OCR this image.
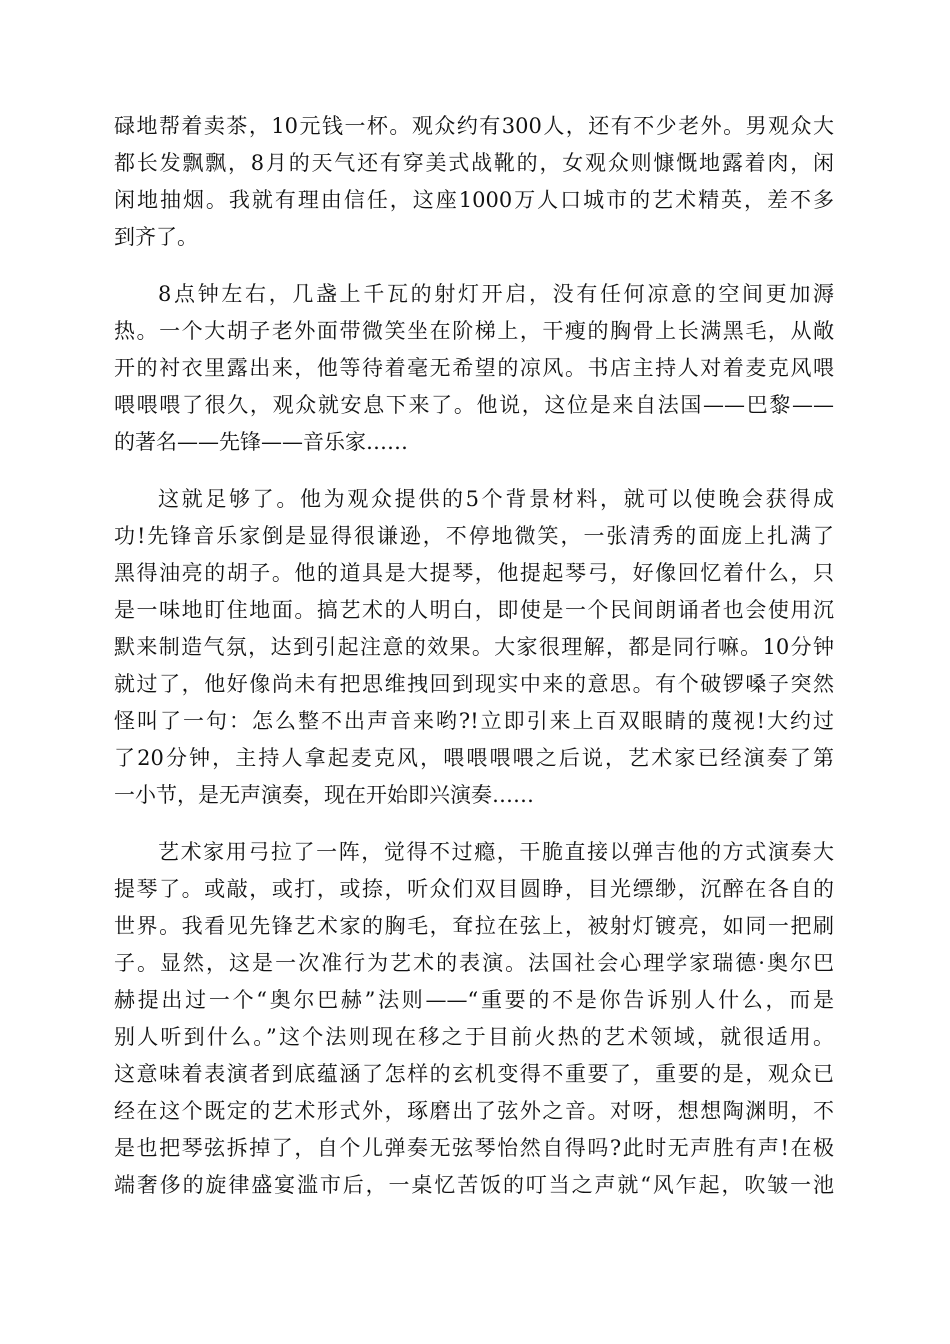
碌地帮着卖茶，10元钱一杯。观众约有300人，还有不少老外。男观众大
都长发飘飘，8月的天气还有穿美式战靴的，女观众则慷慨地露着肉，闲
闲地抽烟。我就有理由信任，这座1000万人口城市的艺术精英，差不多
到齐了。
8点钟左右，几盏上千瓦的射灯开启，没有任何凉意的空间更加溽
热。一个大胡子老外面带微笑坐在阶梯上，干瘦的胸骨上长满黑毛，从敞
开的衬衣里露出来，他等待着毫无希望的凉风。书店主持人对着麦克风喂
喂喂喂了很久，观众就安息下来了。他说，这位是来自法国——巴黎——
的著名——先锋——音乐家……
这就足够了。他为观众提供的5个背景材料，就可以使晚会获得成
功!先锋音乐家倒是显得很谦逊，不停地微笑，一张清秀的面庞上扎满了
黑得油亮的胡子。他的道具是大提琴，他提起琴弓，好像回忆着什么，只
是一味地盯住地面。搞艺术的人明白，即使是一个民间朗诵者也会使用沉
默来制造气氛，达到引起注意的效果。大家很理解，都是同行嘛。10分钟
就过了，他好像尚未有把思维拽回到现实中来的意思。有个破锣嗓子突然
怪叫了一句：怎么整不出声音来哟?!立即引来上百双眼睛的蔑视!大约过
了20分钟，主持人拿起麦克风，喂喂喂喂之后说，艺术家已经演奏了第
一小节，是无声演奏，现在开始即兴演奏……
艺术家用弓拉了一阵，觉得不过瘾，干脆直接以弹吉他的方式演奏大
提琴了。或敲，或打，或捺，听众们双目圆睁，目光缥缈，沉醉在各自的
世界。我看见先锋艺术家的胸毛，耷拉在弦上，被射灯镀亮，如同一把刷
子。显然，这是一次准行为艺术的表演。法国社会心理学家瑞德·奥尔巴
赫提出过一个“奥尔巴赫”法则——“重要的不是你告诉别人什么，而是
别人听到什么。”这个法则现在移之于目前火热的艺术领域，就很适用。
这意味着表演者到底蕴涵了怎样的玄机变得不重要了，重要的是，观众已
经在这个既定的艺术形式外，琢磨出了弦外之音。对呀，想想陶渊明，不
是也把琴弦拆掉了，自个儿弹奏无弦琴怡然自得吗?此时无声胜有声!在极
端奢侈的旋律盛宴滥市后，一桌忆苦饭的叮当之声就“风乍起，吹皱一池
